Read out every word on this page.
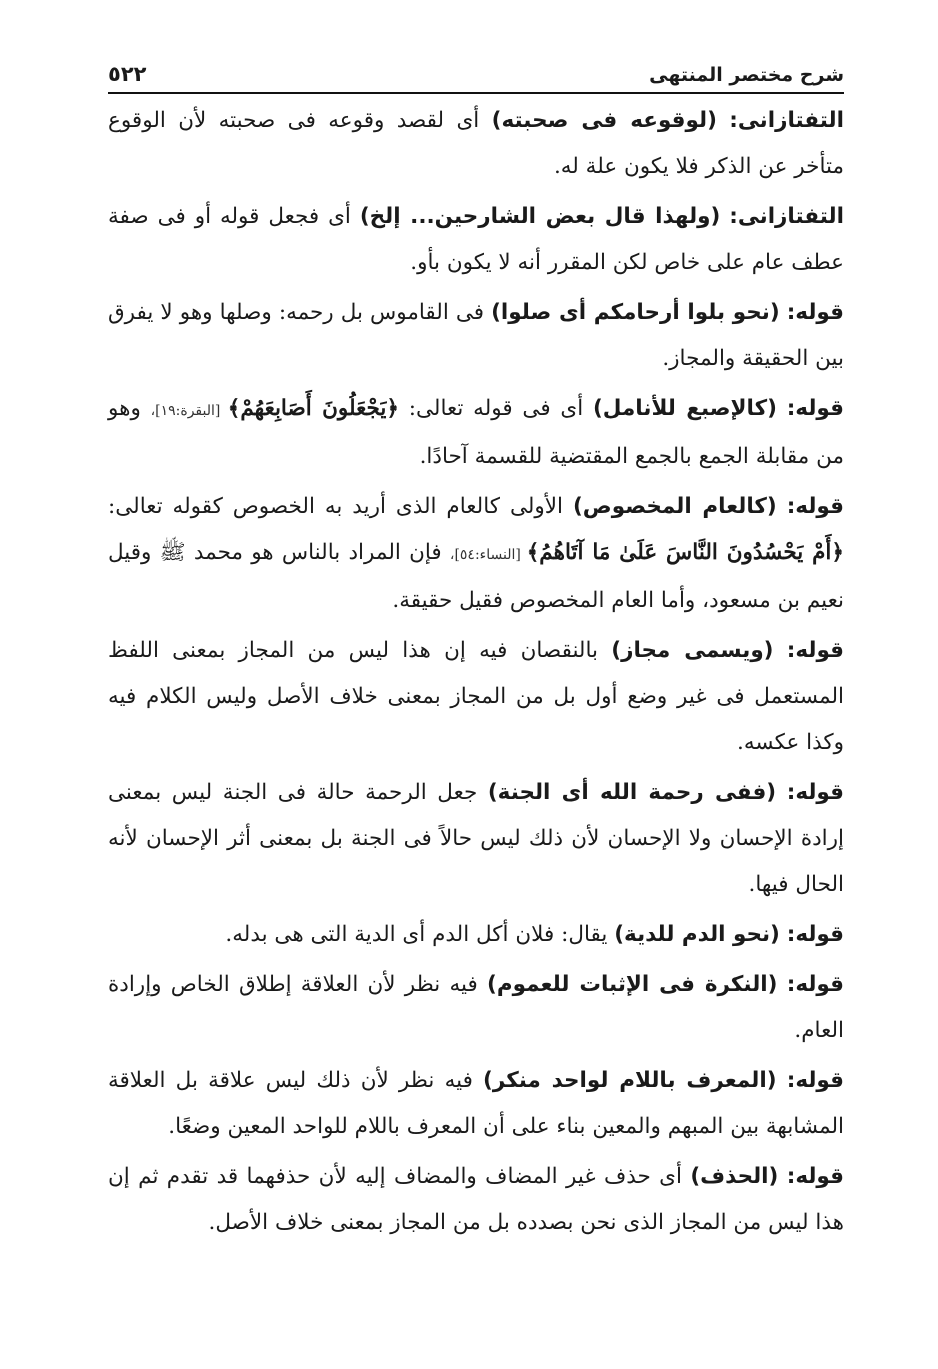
شرح مختصر المنتهى
٥٢٢

التفتازانى: (لوقوعه فى صحبته) أى لقصد وقوعه فى صحبته لأن الوقوع متأخر عن الذكر فلا يكون علة له.

التفتازانى: (ولهذا قال بعض الشارحين... إلخ) أى فجعل قوله أو فى صفة عطف عام على خاص لكن المقرر أنه لا يكون بأو.

قوله: (نحو بلوا أرحامكم أى صلوا) فى القاموس بل رحمه: وصلها وهو لا يفرق بين الحقيقة والمجاز.

قوله: (كالإصبع للأنامل) أى فى قوله تعالى: ﴿يَجْعَلُونَ أَصَابِعَهُمْ﴾ [البقرة:١٩]، وهو من مقابلة الجمع بالجمع المقتضية للقسمة آحادًا.

قوله: (كالعام المخصوص) الأولى كالعام الذى أريد به الخصوص كقوله تعالى: ﴿أَمْ يَحْسُدُونَ النَّاسَ عَلَىٰ مَا آتَاهُمُ﴾ [النساء:٥٤]، فإن المراد بالناس هو محمد ﷺ وقيل نعيم بن مسعود، وأما العام المخصوص فقيل حقيقة.

قوله: (ويسمى مجاز) بالنقصان فيه إن هذا ليس من المجاز بمعنى اللفظ المستعمل فى غير وضع أول بل من المجاز بمعنى خلاف الأصل وليس الكلام فيه وكذا عكسه.

قوله: (ففى رحمة الله أى الجنة) جعل الرحمة حالة فى الجنة ليس بمعنى إرادة الإحسان ولا الإحسان لأن ذلك ليس حالاً فى الجنة بل بمعنى أثر الإحسان لأنه الحال فيها.

قوله: (نحو الدم للدية) يقال: فلان أكل الدم أى الدية التى هى بدله.

قوله: (النكرة فى الإثبات للعموم) فيه نظر لأن العلاقة إطلاق الخاص وإرادة العام.

قوله: (المعرف باللام لواحد منكر) فيه نظر لأن ذلك ليس علاقة بل العلاقة المشابهة بين المبهم والمعين بناء على أن المعرف باللام للواحد المعين وضعًا.

قوله: (الحذف) أى حذف غير المضاف والمضاف إليه لأن حذفهما قد تقدم ثم إن هذا ليس من المجاز الذى نحن بصدده بل من المجاز بمعنى خلاف الأصل.
